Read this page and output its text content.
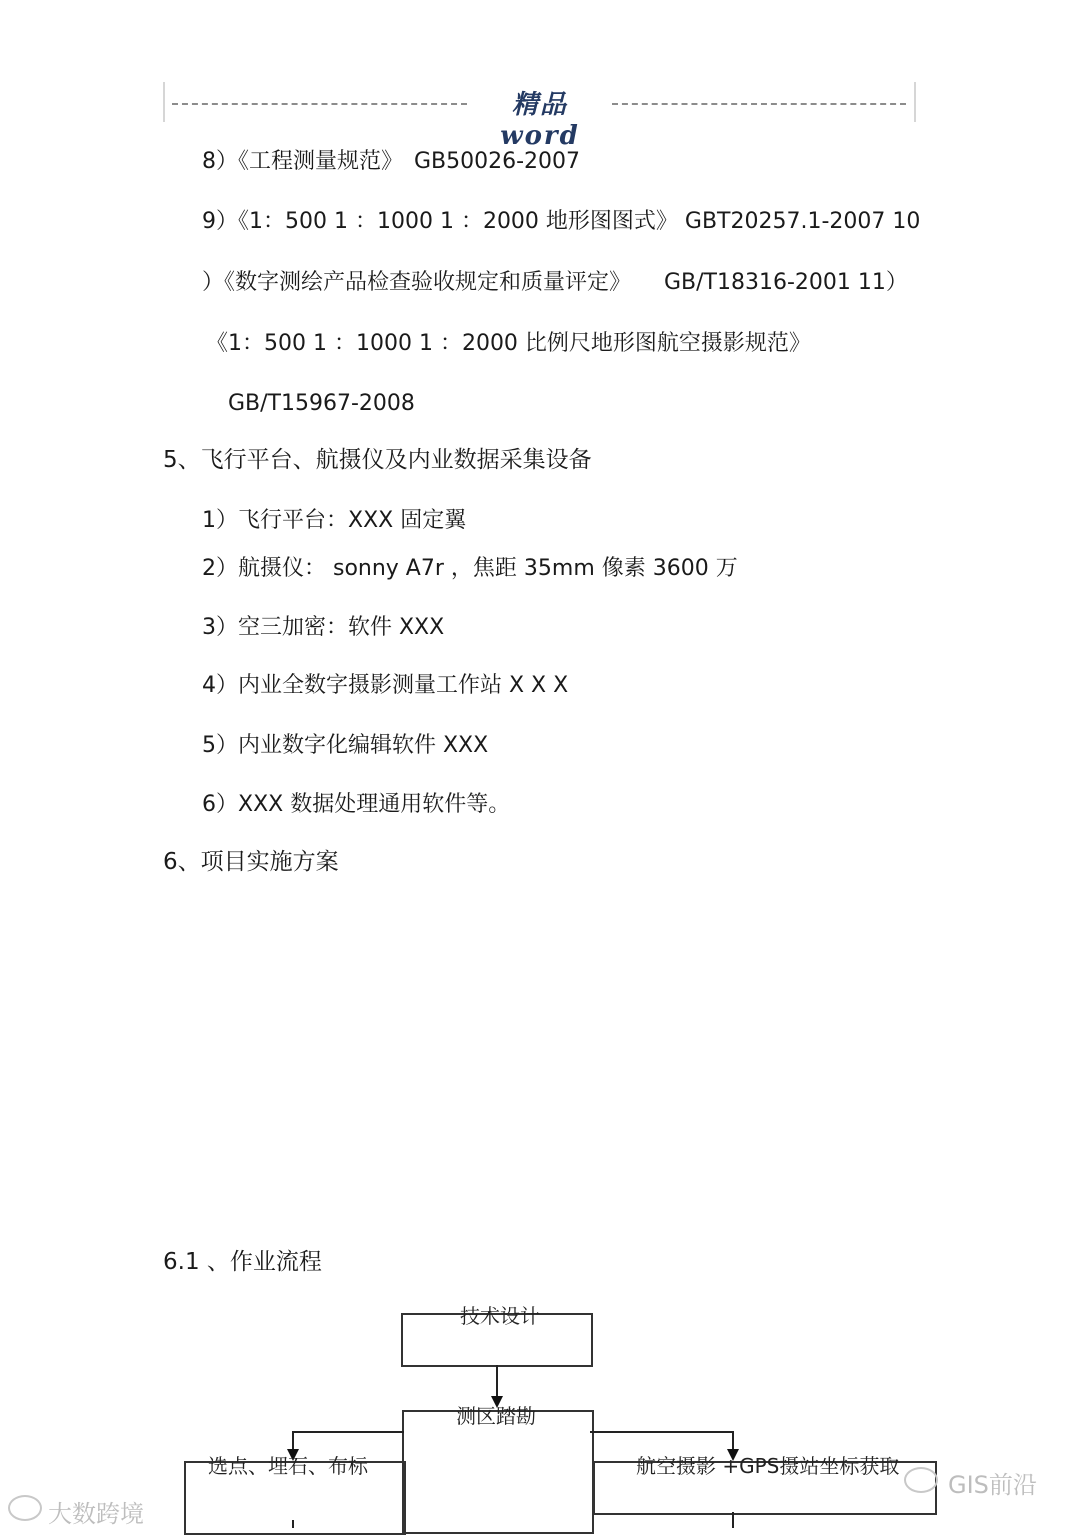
精品 word
8）《工程测量规范》　GB50026-2007
9）《1：500 1 ：1000 1 ：2000 地形图图式》 GBT20257.1-2007 10
）《数字测绘产品检查验收规定和质量评定》　　GB/T18316-2001 11）
《1：500 1 ：1000 1 ：2000 比例尺地形图航空摄影规范》
GB/T15967-2008
5、飞行平台、航摄仪及内业数据采集设备
1）飞行平台：XXX 固定翼
2）航摄仪： sonny A7r ，焦距 35mm 像素 3600 万
3）空三加密：软件 XXX
4）内业全数字摄影测量工作站 X X X
5）内业数字化编辑软件 XXX
6）XXX 数据处理通用软件等。
6、项目实施方案
6.1 、作业流程
技术设计
测区踏勘
选点、埋石、布标	航空摄影 +GPS摄站坐标获取
大数跨境
GIS前沿
